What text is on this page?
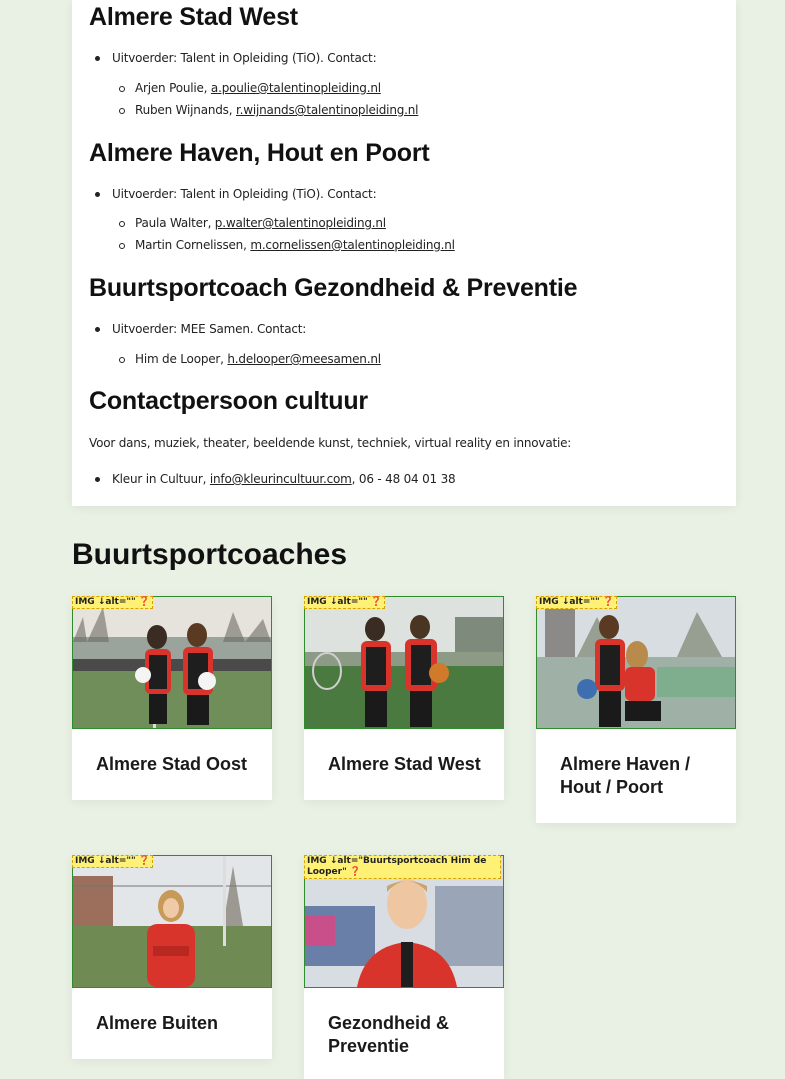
Almere Stad West
Uitvoerder: Talent in Opleiding (TiO). Contact:
Arjen Poulie, a.poulie@talentinopleiding.nl
Ruben Wijnands, r.wijnands@talentinopleiding.nl
Almere Haven, Hout en Poort
Uitvoerder: Talent in Opleiding (TiO). Contact:
Paula Walter, p.walter@talentinopleiding.nl
Martin Cornelissen, m.cornelissen@talentinopleiding.nl
Buurtsportcoach Gezondheid & Preventie
Uitvoerder: MEE Samen. Contact:
Him de Looper, h.delooper@meesamen.nl
Contactpersoon cultuur
Voor dans, muziek, theater, beeldende kunst, techniek, virtual reality en innovatie:
Kleur in Cultuur, info@kleurincultuur.com, 06 - 48 04 01 38
Buurtsportcoaches
IMG ↓alt="" ❓
Almere Stad Oost
IMG ↓alt="" ❓
Almere Stad West
IMG ↓alt="" ❓
Almere Haven / Hout / Poort
IMG ↓alt="" ❓
Almere Buiten
IMG ↓alt="Buurtsportcoach Him de Looper" ❓
Gezondheid & Preventie
